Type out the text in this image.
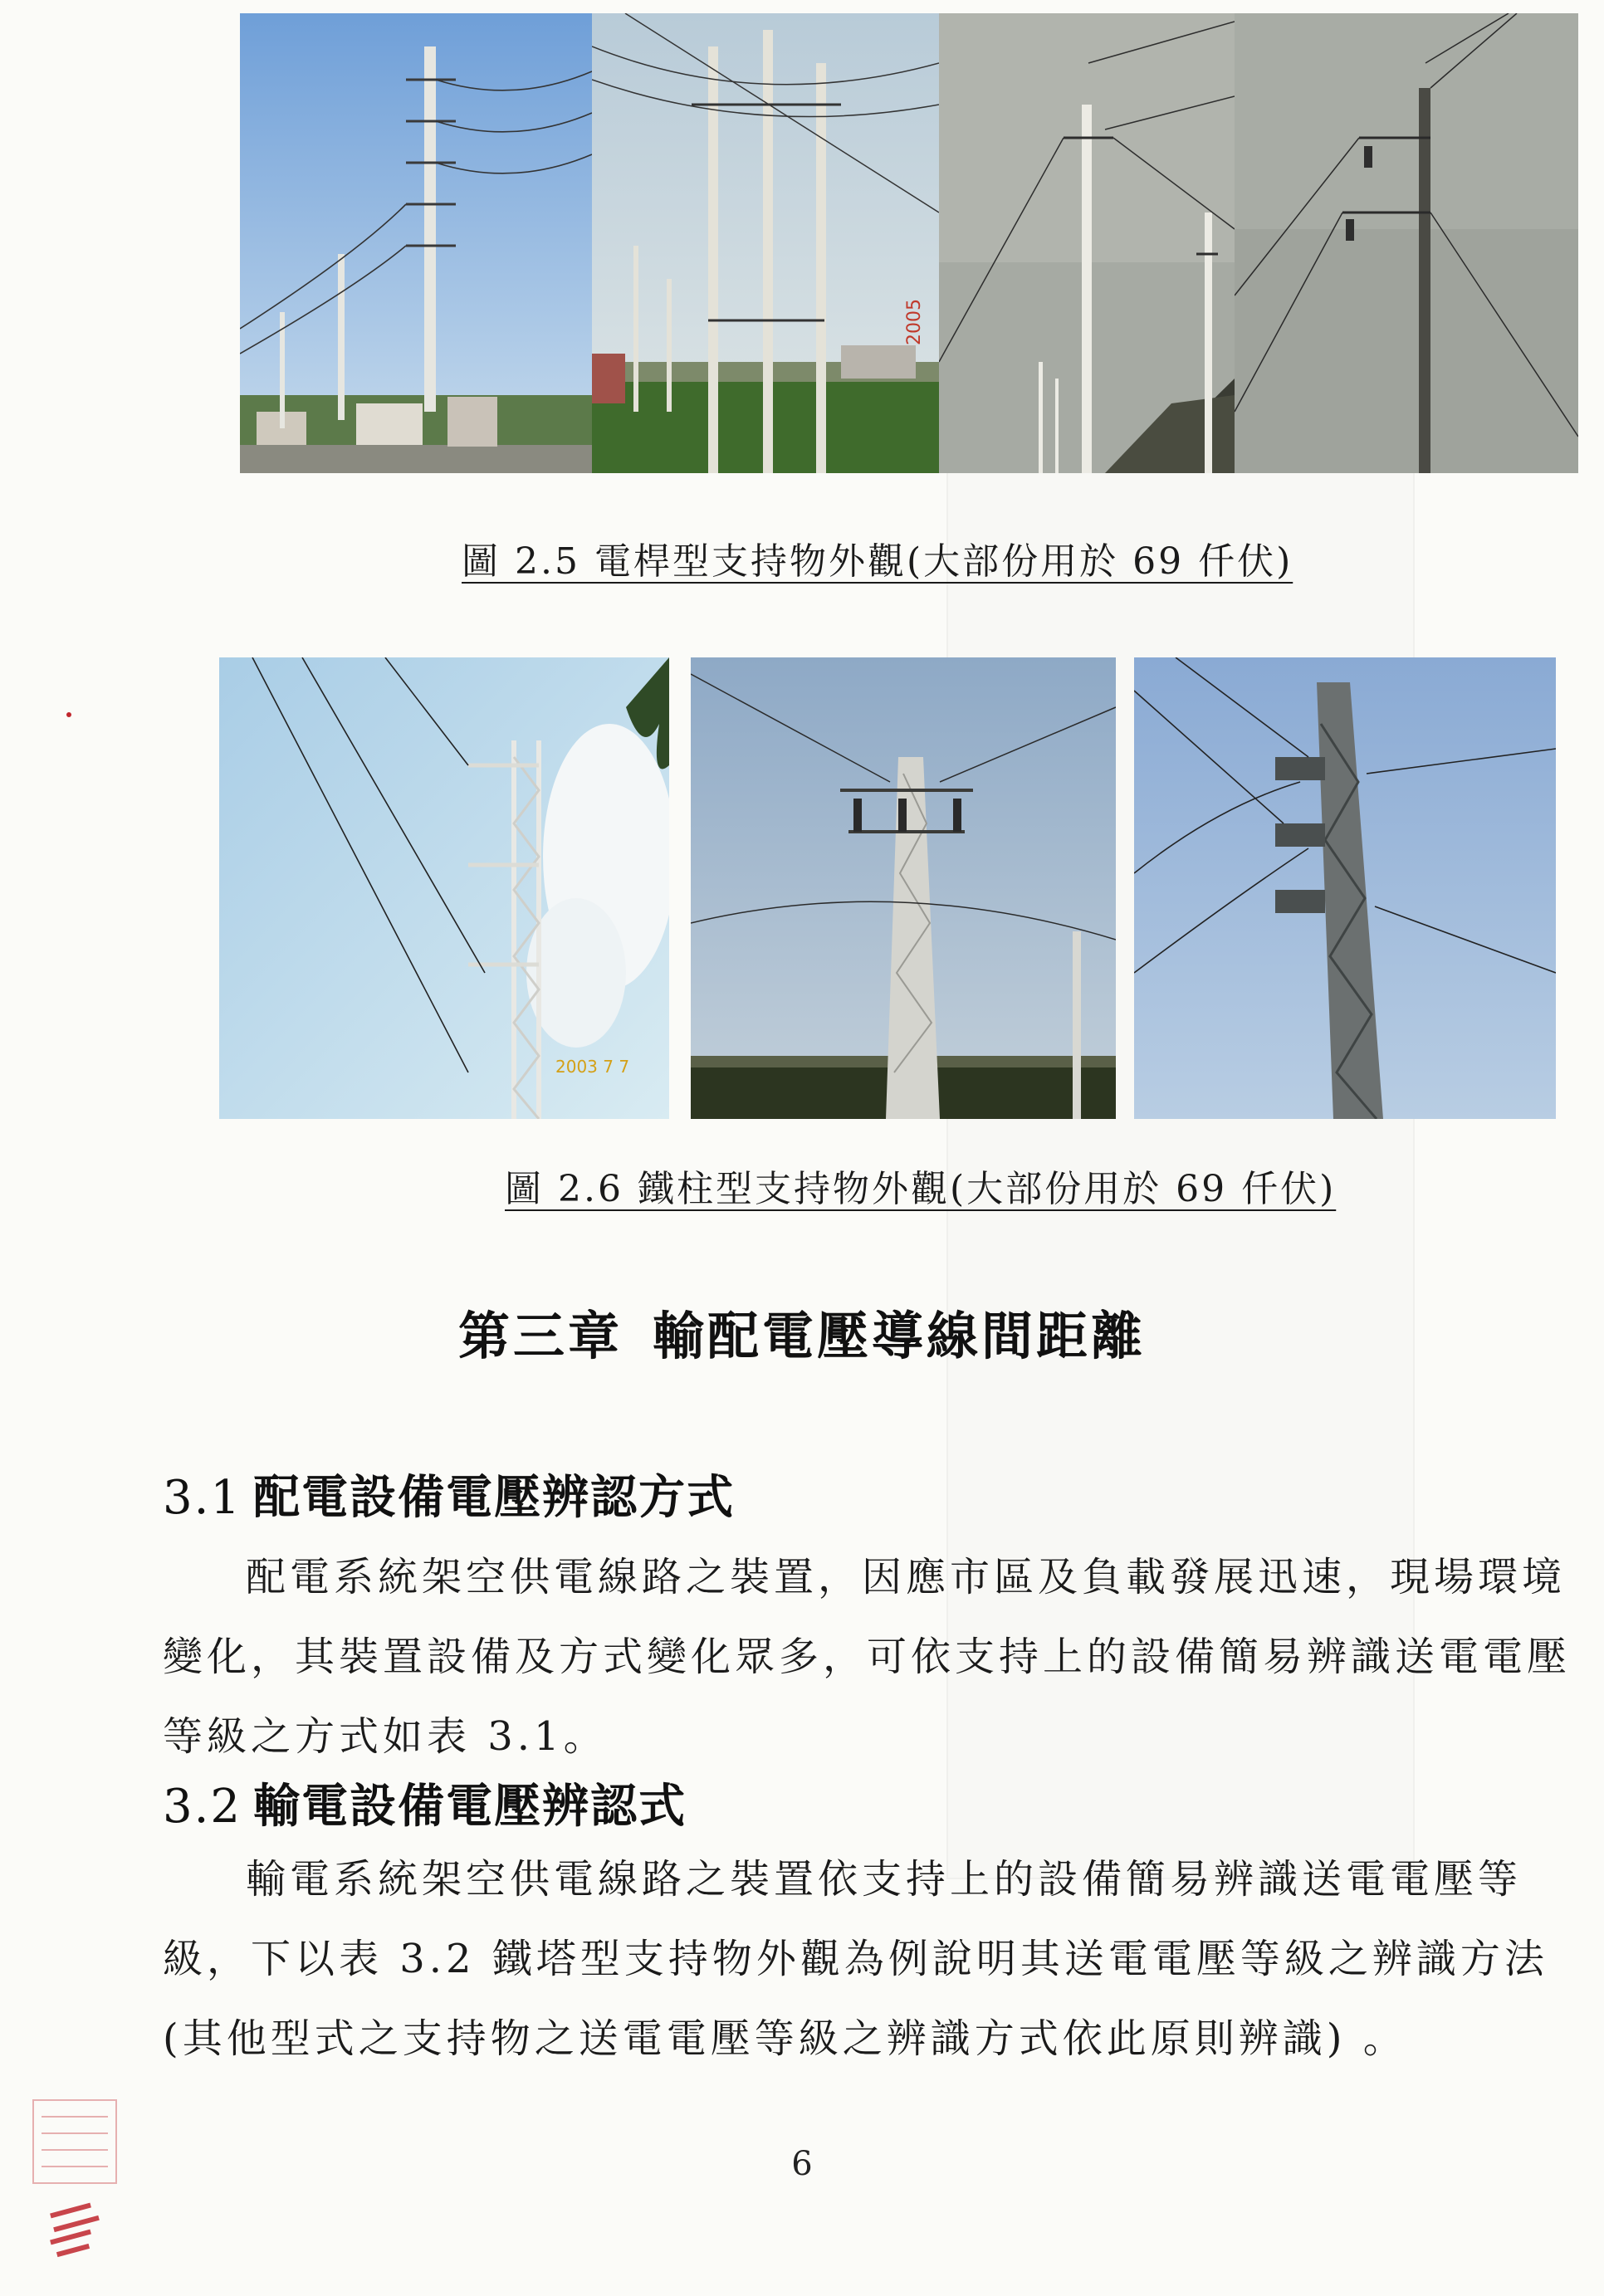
2005
圖 2.5 電桿型支持物外觀(大部份用於 69 仟伏)
2003 7 7
圖 2.6 鐵柱型支持物外觀(大部份用於 69 仟伏)
第三章 輸配電壓導線間距離
3.1 配電設備電壓辨認方式
配電系統架空供電線路之裝置，因應市區及負載發展迅速，現場環境變化，其裝置設備及方式變化眾多，可依支持上的設備簡易辨識送電電壓等級之方式如表 3.1。
3.2 輸電設備電壓辨認式
輸電系統架空供電線路之裝置依支持上的設備簡易辨識送電電壓等級，下以表 3.2 鐵塔型支持物外觀為例說明其送電電壓等級之辨識方法(其他型式之支持物之送電電壓等級之辨識方式依此原則辨識) 。
6
